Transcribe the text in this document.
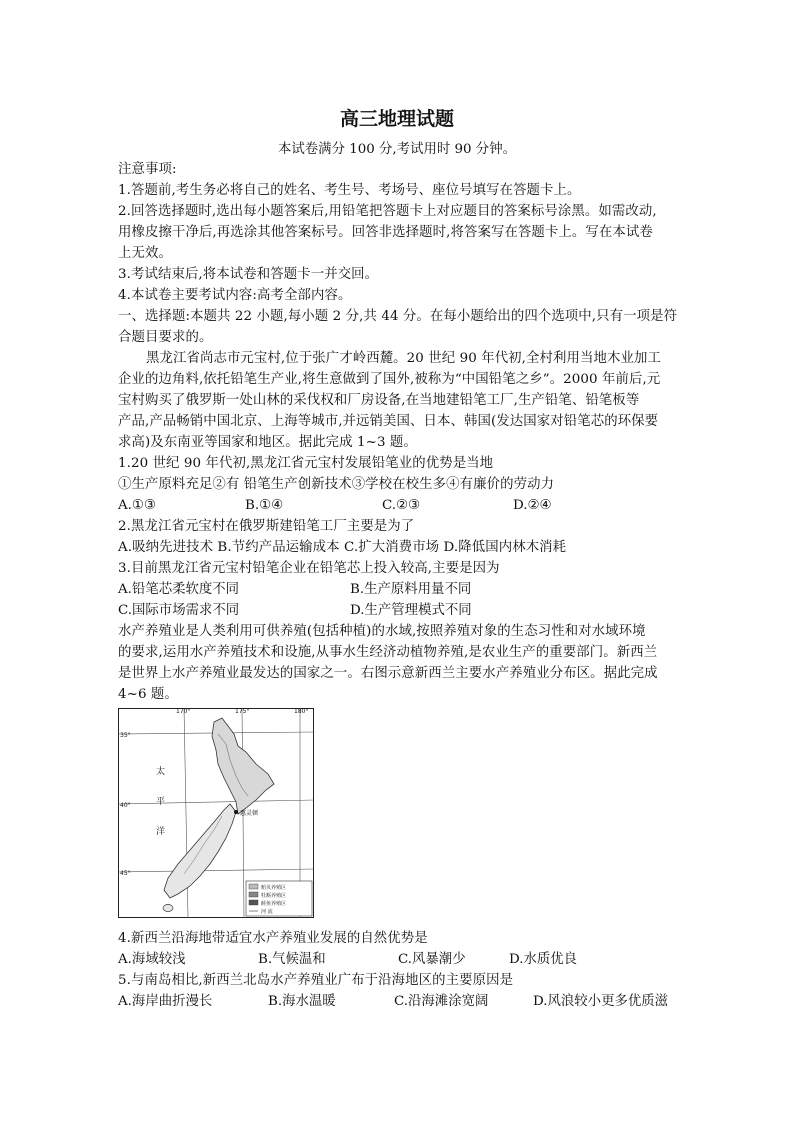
高三地理试题
本试卷满分 100 分,考试用时 90 分钟。
注意事项:
1.答题前,考生务必将自己的姓名、考生号、考场号、座位号填写在答题卡上。
2.回答选择题时,选出每小题答案后,用铅笔把答题卡上对应题目的答案标号涂黑。如需改动,
用橡皮擦干净后,再选涂其他答案标号。回答非选择题时,将答案写在答题卡上。写在本试卷
上无效。
3.考试结束后,将本试卷和答题卡一并交回。
4.本试卷主要考试内容:高考全部内容。
一、选择题:本题共 22 小题,每小题 2 分,共 44 分。在每小题给出的四个选项中,只有一项是符
合题目要求的。
黑龙江省尚志市元宝村,位于张广才岭西麓。20 世纪 90 年代初,全村利用当地木业加工
企业的边角料,依托铅笔生产业,将生意做到了国外,被称为“中国铅笔之乡”。2000 年前后,元
宝村购买了俄罗斯一处山林的采伐权和厂房设备,在当地建铅笔工厂,生产铅笔、铅笔板等
产品,产品畅销中国北京、上海等城市,并远销美国、日本、韩国(发达国家对铅笔芯的环保要
求高)及东南亚等国家和地区。据此完成 1~3 题。
1.20 世纪 90 年代初,黑龙江省元宝村发展铅笔业的优势是当地
①生产原料充足②有 铅笔生产创新技术③学校在校生多④有廉价的劳动力
A.①③	B.①④	C.②③	D.②④
2.黑龙江省元宝村在俄罗斯建铅笔工厂主要是为了
A.吸纳先进技术 B.节约产品运输成本 C.扩大消费市场 D.降低国内林木消耗
3.目前黑龙江省元宝村铅笔企业在铅笔芯上投入较高,主要是因为
A.铅笔芯柔软度不同	B.生产原料用量不同
C.国际市场需求不同	D.生产管理模式不同
水产养殖业是人类利用可供养殖(包括种植)的水域,按照养殖对象的生态习性和对水域环境
的要求,运用水产养殖技术和设施,从事水生经济动植物养殖,是农业生产的重要部门。新西兰
是世界上水产养殖业最发达的国家之一。右图示意新西兰主要水产养殖业分布区。据此完成
4~6 题。
惠灵顿
170°	175°	180°
35°
40°
45°
太
平
洋
贻贝养殖区
牡蛎养殖区
鲑鱼养殖区
河 流
4.新西兰沿海地带适宜水产养殖业发展的自然优势是
A.海域较浅	B.气候温和	C.风暴潮少	D.水质优良
5.与南岛相比,新西兰北岛水产养殖业广布于沿海地区的主要原因是
A.海岸曲折漫长	B.海水温暖	C.沿海滩涂宽阔	D.风浪较小更多优质滋
